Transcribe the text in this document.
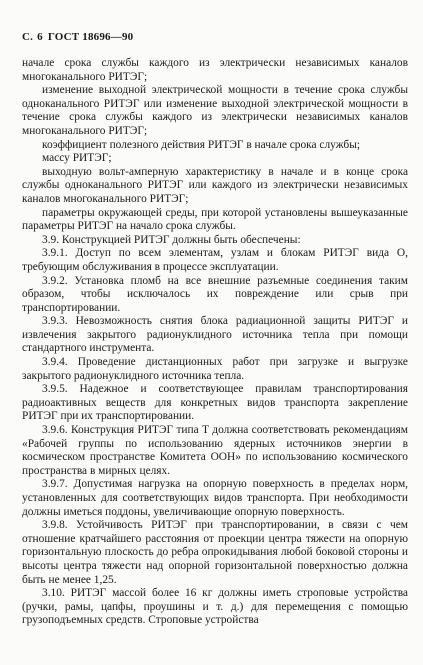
С. 6 ГОСТ 18696—90

начале срока службы каждого из электрически независимых каналов многоканального РИТЭГ;

изменение выходной электрической мощности в течение срока службы одноканального РИТЭГ или изменение выходной электрической мощности в течение срока службы каждого из электрически независимых каналов многоканального РИТЭГ;

коэффициент полезного действия РИТЭГ в начале срока службы;

массу РИТЭГ;

выходную вольт-амперную характеристику в начале и в конце срока службы одноканального РИТЭГ или каждого из электрически независимых каналов многоканального РИТЭГ;

параметры окружающей среды, при которой установлены вышеуказанные параметры РИТЭГ на начало срока службы.

3.9. Конструкцией РИТЭГ должны быть обеспечены:

3.9.1. Доступ по всем элементам, узлам и блокам РИТЭГ вида О, требующим обслуживания в процессе эксплуатации.

3.9.2. Установка пломб на все внешние разъемные соединения таким образом, чтобы исключалось их повреждение или срыв при транспортировании.

3.9.3. Невозможность снятия блока радиационной защиты РИТЭГ и извлечения закрытого радионуклидного источника тепла при помощи стандартного инструмента.

3.9.4. Проведение дистанционных работ при загрузке и выгрузке закрытого радионуклидного источника тепла.

3.9.5. Надежное и соответствующее правилам транспортирования радиоактивных веществ для конкретных видов транспорта закрепление РИТЭГ при их транспортировании.

3.9.6. Конструкция РИТЭГ типа Т должна соответствовать рекомендациям «Рабочей группы по использованию ядерных источников энергии в космическом пространстве Комитета ООН» по использованию космического пространства в мирных целях.

3.9.7. Допустимая нагрузка на опорную поверхность в пределах норм, установленных для соответствующих видов транспорта. При необходимости должны иметься поддоны, увеличивающие опорную поверхность.

3.9.8. Устойчивость РИТЭГ при транспортировании, в связи с чем отношение кратчайшего расстояния от проекции центра тяжести на опорную горизонтальную плоскость до ребра опрокидывания любой боковой стороны и высоты центра тяжести над опорной горизонтальной поверхностью должна быть не менее 1,25.

3.10. РИТЭГ массой более 16 кг должны иметь строповые устройства (ручки, рамы, цапфы, проушины и т. д.) для перемещения с помощью грузоподъемных средств. Строповые устройства
